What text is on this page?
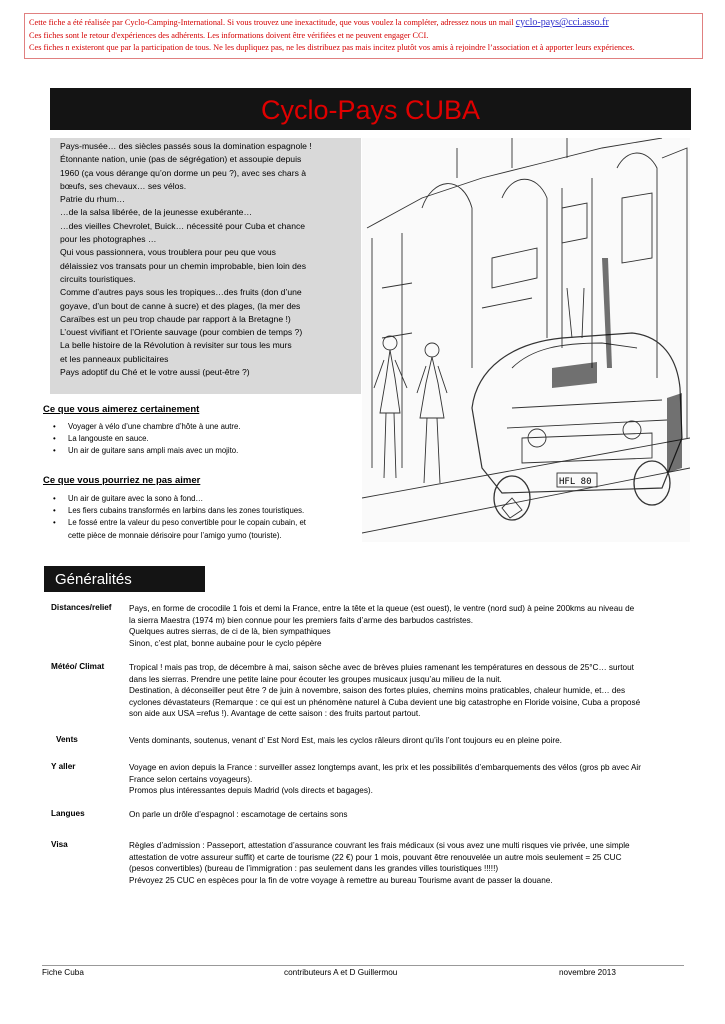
Cette fiche a été réalisée par Cyclo-Camping-International. Si vous trouvez une inexactitude, que vous voulez la compléter, adressez nous un mail cyclo-pays@cci.asso.fr
Ces fiches sont le retour d'expériences des adhérents. Les informations doivent être vérifiées et ne peuvent engager CCI.
Ces fiches n existeront que par la participation de tous. Ne les dupliquez pas, ne les distribuez pas mais incitez plutôt vos amis à rejoindre l’association et à apporter leurs expériences.
Cyclo-Pays CUBA
Pays-musée… des siècles passés sous la domination espagnole !
Étonnante nation, unie (pas de ségrégation) et assoupie depuis
1960 (ça vous dérange qu’on dorme un peu ?), avec ses chars à
bœufs, ses chevaux… ses vélos.
Patrie du rhum…
…de la salsa libérée, de la jeunesse exubérante…
…des vieilles Chevrolet, Buick… nécessité pour Cuba et chance
pour les photographes …
Qui vous passionnera, vous troublera pour peu que vous
délaissiez vos transats pour un chemin improbable, bien loin des
circuits touristiques.
Comme d’autres pays sous les tropiques…des fruits (don d’une
goyave, d’un bout de canne à sucre) et des plages, (la mer des
Caraïbes est un peu trop chaude par rapport à la Bretagne !)
L’ouest vivifiant et l’Oriente sauvage (pour combien de temps ?)
La belle histoire de la Révolution à revisiter sur tous les murs
et les panneaux publicitaires
Pays adoptif du Ché et le votre aussi (peut-être ?)
HFL 80
Ce que vous aimerez certainement
• Voyager à vélo d’une chambre d’hôte à une autre.
• La langouste en sauce.
• Un air de guitare sans ampli mais avec un mojito.
Ce que vous pourriez ne pas aimer
• Un air de guitare avec la sono à fond…
• Les fiers cubains transformés en larbins dans les zones touristiques.
• Le fossé entre la valeur du peso convertible pour le copain cubain, et
cette pièce de monnaie dérisoire pour l’amigo yumo (touriste).
Généralités
Distances/relief Pays, en forme de crocodile 1 fois et demi la France, entre la tête et la queue (est ouest), le ventre (nord sud) à peine 200kms au niveau de
la sierra Maestra (1974 m) bien connue pour les premiers faits d’arme des barbudos castristes.
Quelques autres sierras, de ci de là, bien sympathiques
Sinon, c’est plat, bonne aubaine pour le cyclo pépère
Météo/ Climat	Tropical ! mais pas trop, de décembre à mai, saison sèche avec de brèves pluies ramenant les températures en dessous de 25°C… surtout
dans les sierras. Prendre une petite laine pour écouter les groupes musicaux jusqu’au milieu de la nuit.
Destination, à déconseiller peut être ? de juin à novembre, saison des fortes pluies, chemins moins praticables, chaleur humide, et… des
cyclones dévastateurs (Remarque : ce qui est un phénomène naturel à Cuba devient une big catastrophe en Floride voisine, Cuba a proposé
son aide aux USA =refus !). Avantage de cette saison : des fruits partout partout.
Vents	Vents dominants, soutenus, venant d’ Est Nord Est, mais les cyclos râleurs diront qu’ils l’ont toujours eu en pleine poire.
Y aller	Voyage en avion depuis la France : surveiller assez longtemps avant, les prix et les possibilités d’embarquements des vélos (gros pb avec Air
France selon certains voyageurs).
Promos plus intéressantes depuis Madrid (vols directs et bagages).
Langues	On parle un drôle d’espagnol : escamotage de certains sons
Visa	Règles d’admission : Passeport, attestation d’assurance couvrant les frais médicaux (si vous avez une multi risques vie privée, une simple
attestation de votre assureur suffit) et carte de tourisme (22 €) pour 1 mois, pouvant être renouvelée un autre mois seulement = 25 CUC
(pesos convertibles) (bureau de l’immigration : pas seulement dans les grandes villes touristiques !!!!!)
Prévoyez 25 CUC en espèces pour la fin de votre voyage à remettre au bureau Tourisme avant de passer la douane.
Fiche Cuba	contributeurs A et D Guillermou	novembre 2013
